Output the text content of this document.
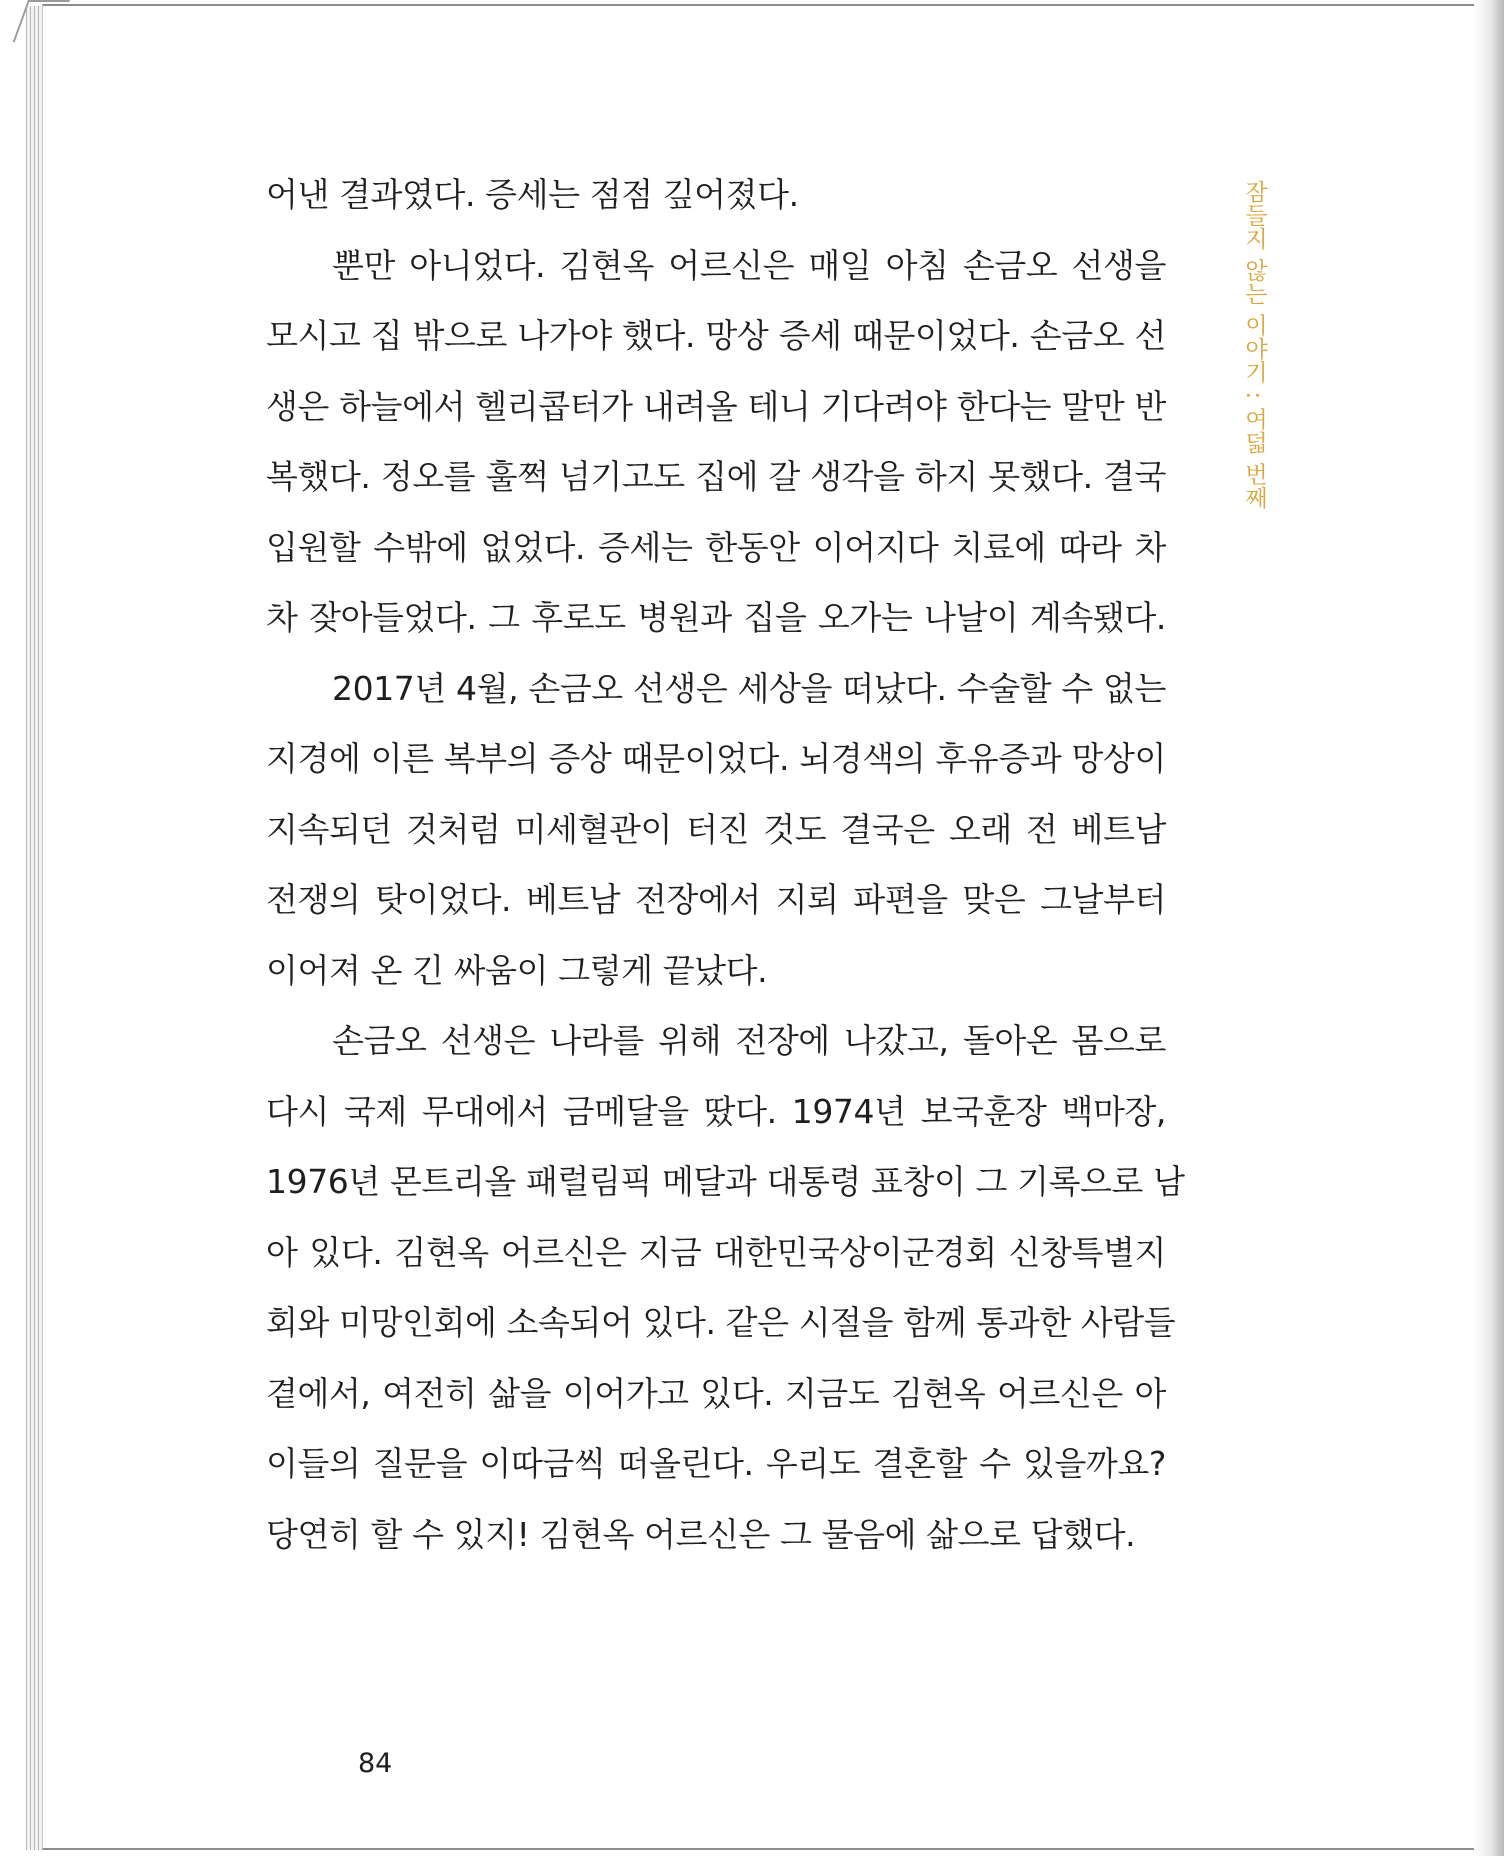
잠들지 않는 이야기 : 여덟 번째
어낸 결과였다. 증세는 점점 깊어졌다.
뿐만 아니었다. 김현옥 어르신은 매일 아침 손금오 선생을
모시고 집 밖으로 나가야 했다. 망상 증세 때문이었다. 손금오 선
생은 하늘에서 헬리콥터가 내려올 테니 기다려야 한다는 말만 반
복했다. 정오를 훌쩍 넘기고도 집에 갈 생각을 하지 못했다. 결국
입원할 수밖에 없었다. 증세는 한동안 이어지다 치료에 따라 차
차 잦아들었다. 그 후로도 병원과 집을 오가는 나날이 계속됐다.
2017년 4월, 손금오 선생은 세상을 떠났다. 수술할 수 없는
지경에 이른 복부의 증상 때문이었다. 뇌경색의 후유증과 망상이
지속되던 것처럼 미세혈관이 터진 것도 결국은 오래 전 베트남
전쟁의 탓이었다. 베트남 전장에서 지뢰 파편을 맞은 그날부터
이어져 온 긴 싸움이 그렇게 끝났다.
손금오 선생은 나라를 위해 전장에 나갔고, 돌아온 몸으로
다시 국제 무대에서 금메달을 땄다. 1974년 보국훈장 백마장,
1976년 몬트리올 패럴림픽 메달과 대통령 표창이 그 기록으로 남
아 있다. 김현옥 어르신은 지금 대한민국상이군경회 신창특별지
회와 미망인회에 소속되어 있다. 같은 시절을 함께 통과한 사람들
곁에서, 여전히 삶을 이어가고 있다. 지금도 김현옥 어르신은 아
이들의 질문을 이따금씩 떠올린다. 우리도 결혼할 수 있을까요?
당연히 할 수 있지! 김현옥 어르신은 그 물음에 삶으로 답했다.
84
